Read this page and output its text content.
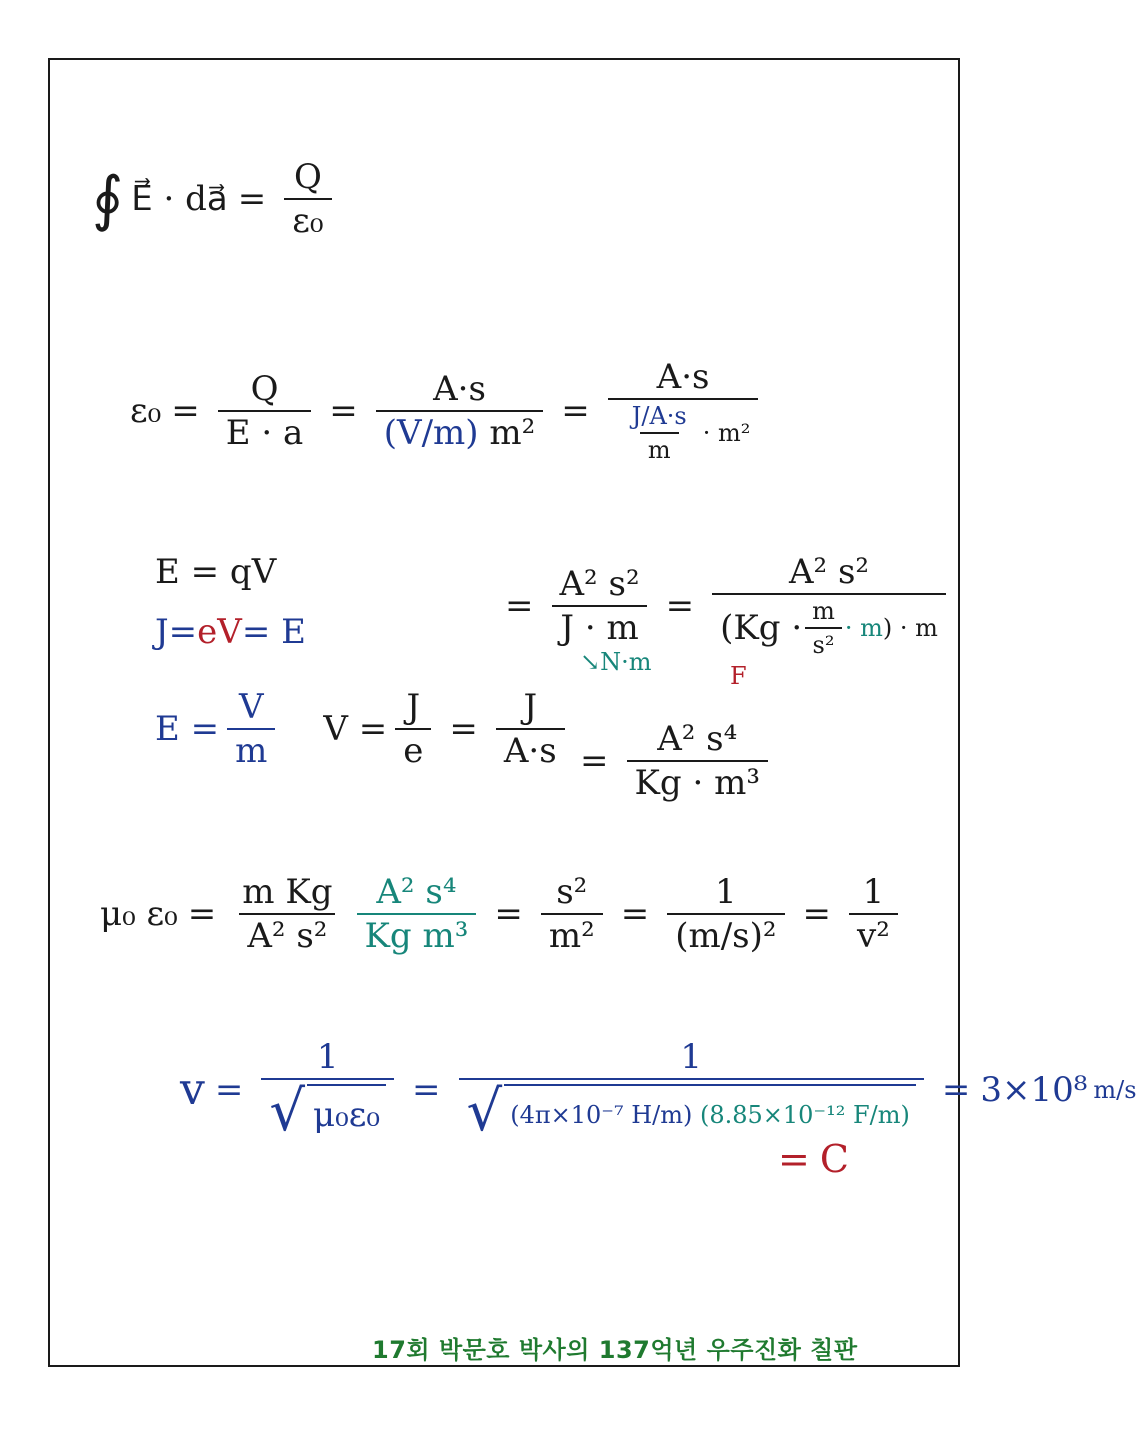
∮ E⃗ · da⃗ = $\frac{Q}{\text{ε₀}}$
$\varepsilon_0 = \frac{Q}{E \cdot a} = \frac{A\cdot s}{\text{(V/m) m²}} = \frac{A\cdot s}{\frac{J/A\cdot s}{m} \cdot m^2}$
E = qV
J = eV = E
$E = \frac{V}{m}$ $V = \frac{J}{e} = \frac{J}{A\cdot s}$
= $\frac{\text{A² s²}}{J \cdot m}$ =
A² s²
($Kg \cdot \frac{m}{\text{s²}} \cdot m$ ) · m
↘ N·m	F
= $\frac{\text{A² s⁴}}{\text{Kg · m³}}$
μ₀ $\varepsilon_0 = \frac{\text{m Kg}}{\text{A² s²}} \frac{\text{A² s⁴}}{\text{Kg m³}} = \frac{\text{s²}}{\text{m²}} = \frac{1}{\text{(m/s)²}} = \frac{1}{\text{v²}}$
$v = \frac{1}{\text{√ μ₀ε₀}} = 1$
√ (4π×10⁻⁷ H/m)
(8.85×10⁻¹² F/m) = 3×10⁸ m/s
= C
17회 박문호 박사의 137억년 우주진화 칠판
